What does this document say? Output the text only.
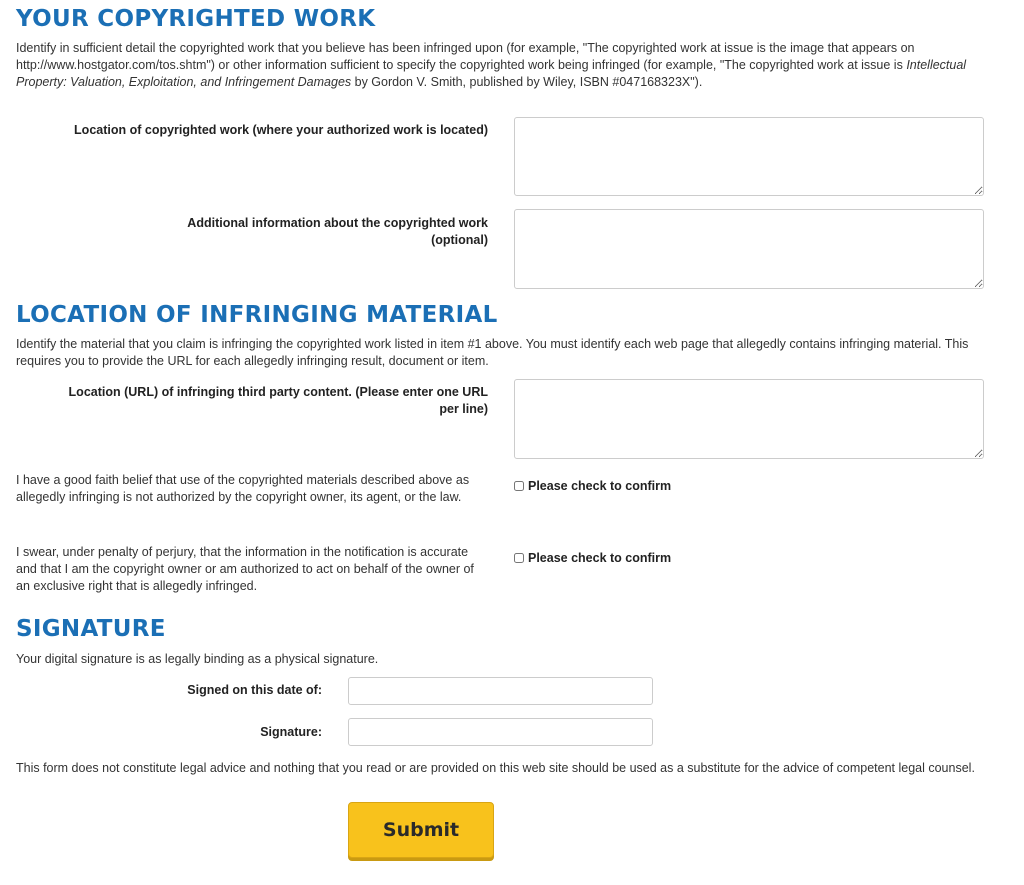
YOUR COPYRIGHTED WORK

Identify in sufficient detail the copyrighted work that you believe has been infringed upon (for example, "The copyrighted work at issue is the image that appears on http://www.hostgator.com/tos.shtm") or other information sufficient to specify the copyrighted work being infringed (for example, "The copyrighted work at issue is Intellectual Property: Valuation, Exploitation, and Infringement Damages by Gordon V. Smith, published by Wiley, ISBN #047168323X").

Location of copyrighted work (where your authorized work is located)
Additional information about the copyrighted work
(optional)
LOCATION OF INFRINGING MATERIAL

Identify the material that you claim is infringing the copyrighted work listed in item #1 above. You must identify each web page that allegedly contains infringing material. This requires you to provide the URL for each allegedly infringing result, document or item.

Location (URL) of infringing third party content. (Please enter one URL
per line)
I have a good faith belief that use of the copyrighted materials described above as allegedly infringing is not authorized by the copyright owner, its agent, or the law.
Please check to confirm
I swear, under penalty of perjury, that the information in the notification is accurate and that I am the copyright owner or am authorized to act on behalf of the owner of an exclusive right that is allegedly infringed.
Please check to confirm
SIGNATURE

Your digital signature is as legally binding as a physical signature.

Signed on this date of:
Signature:

This form does not constitute legal advice and nothing that you read or are provided on this web site should be used as a substitute for the advice of competent legal counsel.

Submit
